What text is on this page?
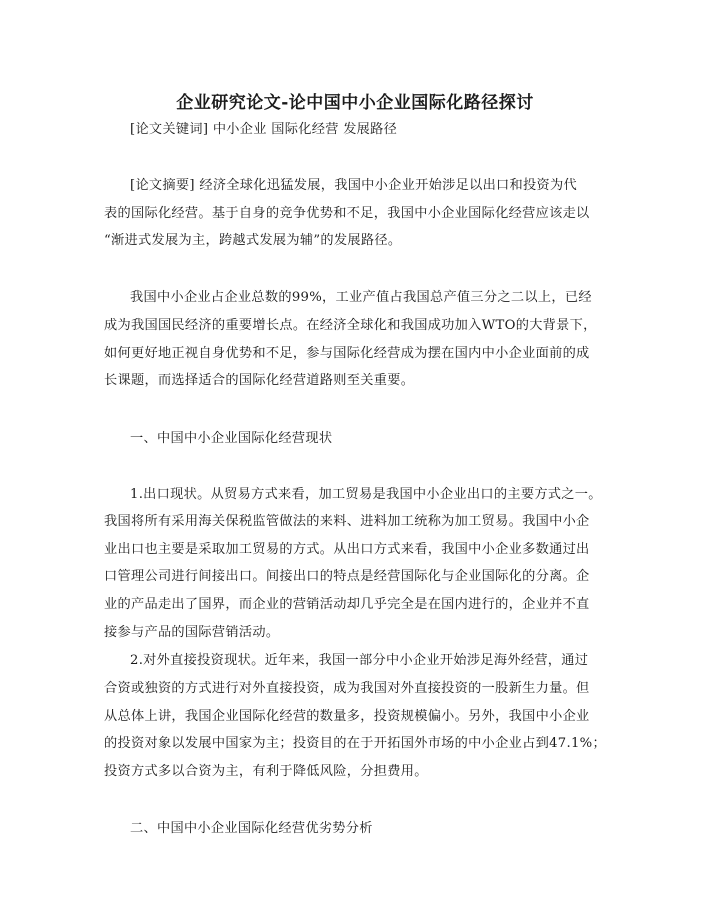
企业研究论文-论中国中小企业国际化路径探讨
[论文关键词] 中小企业 国际化经营 发展路径
[论文摘要] 经济全球化迅猛发展，我国中小企业开始涉足以出口和投资为代
表的国际化经营。基于自身的竞争优势和不足，我国中小企业国际化经营应该走以
“渐进式发展为主，跨越式发展为辅”的发展路径。
我国中小企业占企业总数的99%，工业产值占我国总产值三分之二以上，已经
成为我国国民经济的重要增长点。在经济全球化和我国成功加入WTO的大背景下，
如何更好地正视自身优势和不足，参与国际化经营成为摆在国内中小企业面前的成
长课题，而选择适合的国际化经营道路则至关重要。
一、中国中小企业国际化经营现状
1.出口现状。从贸易方式来看，加工贸易是我国中小企业出口的主要方式之一。
我国将所有采用海关保税监管做法的来料、进料加工统称为加工贸易。我国中小企
业出口也主要是采取加工贸易的方式。从出口方式来看，我国中小企业多数通过出
口管理公司进行间接出口。间接出口的特点是经营国际化与企业国际化的分离。企
业的产品走出了国界，而企业的营销活动却几乎完全是在国内进行的，企业并不直
接参与产品的国际营销活动。
2.对外直接投资现状。近年来，我国一部分中小企业开始涉足海外经营，通过
合资或独资的方式进行对外直接投资，成为我国对外直接投资的一股新生力量。但
从总体上讲，我国企业国际化经营的数量多，投资规模偏小。另外，我国中小企业
的投资对象以发展中国家为主；投资目的在于开拓国外市场的中小企业占到47.1%；
投资方式多以合资为主，有利于降低风险，分担费用。
二、中国中小企业国际化经营优劣势分析
